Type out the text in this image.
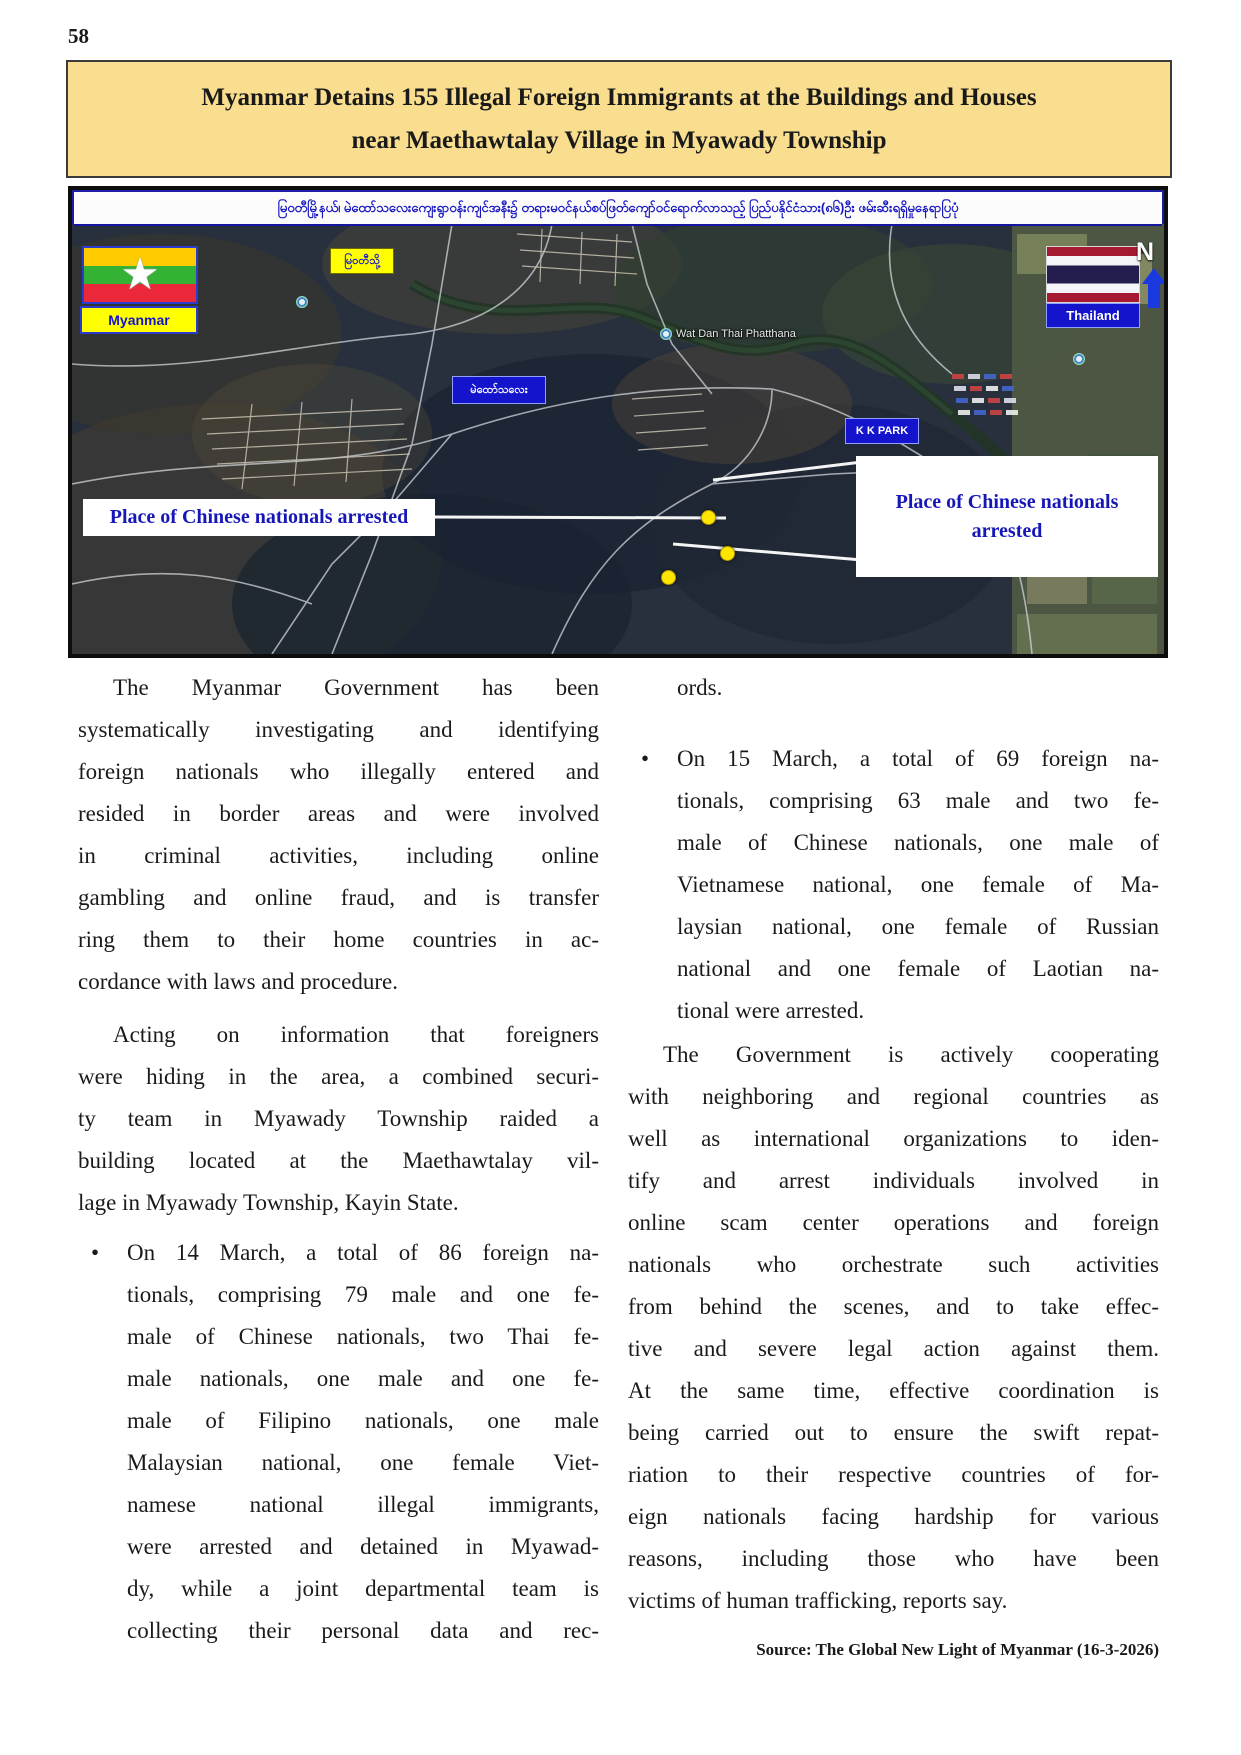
58
Myanmar Detains 155 Illegal Foreign Immigrants at the Buildings and Houses
near Maethawtalay Village in Myawady Township
မြဝတီမြို့နယ်၊ မဲထော်သလေးကျေးရွာဝန်းကျင်အနီး၌ တရားမဝင်နယ်စပ်ဖြတ်ကျော်ဝင်ရောက်လာသည့် ပြည်ပနိုင်ငံသား(၈၆)ဦး ဖမ်းဆီးရရှိမှုနေရာပြပုံ
★
Myanmar
မြဝတီသို့
မဲထော်သလေး
K K PARK
Thailand
N
Wat Dan Thai Phatthana
Place of Chinese nationals arrested
Place of Chinese nationals
arrested
The Myanmar Government has been
systematically investigating and identifying
foreign nationals who illegally entered and
resided in border areas and were involved
in criminal activities, including online
gambling and online fraud, and is transfer
ring them to their home countries in ac-
cordance with laws and procedure.
Acting on information that foreigners
were hiding in the area, a combined securi-
ty team in Myawady Township raided a
building located at the Maethawtalay vil-
lage in Myawady Township, Kayin State.
• On 14 March, a total of 86 foreign na-
tionals, comprising 79 male and one fe-
male of Chinese nationals, two Thai fe-
male nationals, one male and one fe-
male of Filipino nationals, one male
Malaysian national, one female Viet-
namese national illegal immigrants,
were arrested and detained in Myawad-
dy, while a joint departmental team is
collecting their personal data and rec-
ords.
• On 15 March, a total of 69 foreign na-
tionals, comprising 63 male and two fe-
male of Chinese nationals, one male of
Vietnamese national, one female of Ma-
laysian national, one female of Russian
national and one female of Laotian na-
tional were arrested.
The Government is actively cooperating
with neighboring and regional countries as
well as international organizations to iden-
tify and arrest individuals involved in
online scam center operations and foreign
nationals who orchestrate such activities
from behind the scenes, and to take effec-
tive and severe legal action against them.
At the same time, effective coordination is
being carried out to ensure the swift repat-
riation to their respective countries of for-
eign nationals facing hardship for various
reasons, including those who have been
victims of human trafficking, reports say.
Source: The Global New Light of Myanmar (16-3-2026)
